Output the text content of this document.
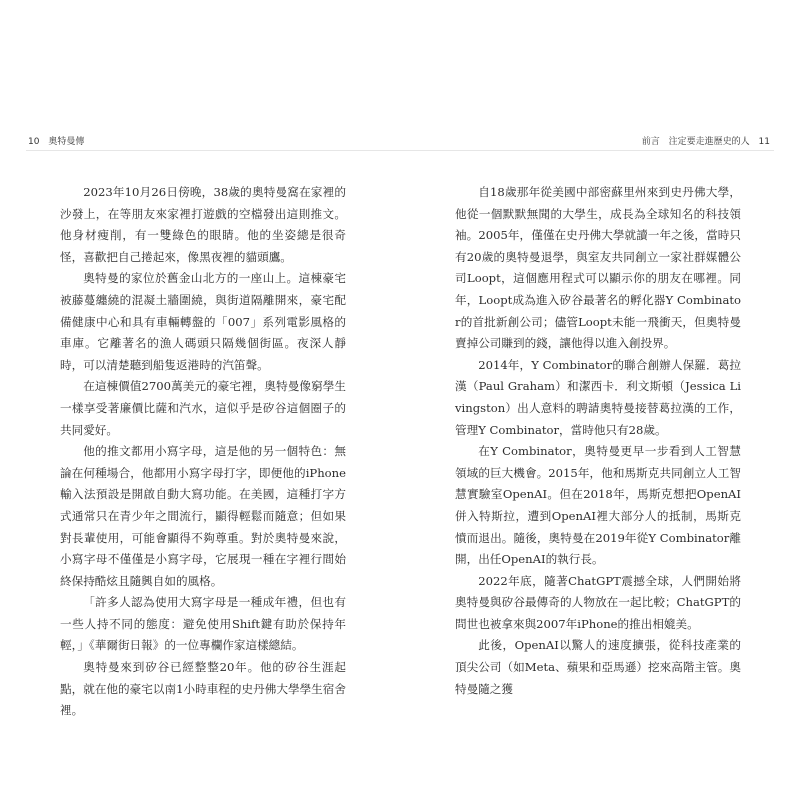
10 奧特曼傳	前言 注定要走進歷史的人 11

2023年10月26日傍晚，38歲的奧特曼窩在家裡的沙發上，在等朋友來家裡打遊戲的空檔發出這則推文。他身材瘦削，有一雙綠色的眼睛。他的坐姿總是很奇怪，喜歡把自己捲起來，像黑夜裡的貓頭鷹。

奧特曼的家位於舊金山北方的一座山上。這棟豪宅被藤蔓纏繞的混凝土牆圍繞，與街道隔離開來，豪宅配備健康中心和具有車輛轉盤的「007」系列電影風格的車庫。它離著名的漁人碼頭只隔幾個街區。夜深人靜時，可以清楚聽到船隻返港時的汽笛聲。

在這棟價值2700萬美元的豪宅裡，奧特曼像窮學生一樣享受著廉價比薩和汽水，這似乎是矽谷這個圈子的共同愛好。

他的推文都用小寫字母，這是他的另一個特色：無論在何種場合，他都用小寫字母打字，即便他的iPhone輸入法預設是開啟自動大寫功能。在美國，這種打字方式通常只在青少年之間流行，顯得輕鬆而隨意；但如果對長輩使用，可能會顯得不夠尊重。對於奧特曼來說，小寫字母不僅僅是小寫字母，它展現一種在字裡行間始終保持酷炫且隨興自如的風格。

「許多人認為使用大寫字母是一種成年禮，但也有一些人持不同的態度：避免使用Shift鍵有助於保持年輕，」《華爾街日報》的一位專欄作家這樣總結。

奧特曼來到矽谷已經整整20年。他的矽谷生涯起點，就在他的豪宅以南1小時車程的史丹佛大學學生宿舍裡。

自18歲那年從美國中部密蘇里州來到史丹佛大學，他從一個默默無聞的大學生，成長為全球知名的科技領袖。2005年，僅僅在史丹佛大學就讀一年之後，當時只有20歲的奧特曼退學，與室友共同創立一家社群媒體公司Loopt，這個應用程式可以顯示你的朋友在哪裡。同年，Loopt成為進入矽谷最著名的孵化器Y Combinator的首批新創公司；儘管Loopt未能一飛衝天，但奧特曼賣掉公司賺到的錢，讓他得以進入創投界。

2014年，Y Combinator的聯合創辦人保羅．葛拉漢（Paul Graham）和潔西卡．利文斯頓（Jessica Livingston）出人意料的聘請奧特曼接替葛拉漢的工作，管理Y Combinator，當時他只有28歲。

在Y Combinator，奧特曼更早一步看到人工智慧領域的巨大機會。2015年，他和馬斯克共同創立人工智慧實驗室OpenAI。但在2018年，馬斯克想把OpenAI併入特斯拉，遭到OpenAI裡大部分人的抵制，馬斯克憤而退出。隨後，奧特曼在2019年從Y Combinator離開，出任OpenAI的執行長。

2022年底，隨著ChatGPT震撼全球，人們開始將奧特曼與矽谷最傳奇的人物放在一起比較；ChatGPT的問世也被拿來與2007年iPhone的推出相媲美。

此後，OpenAI以驚人的速度擴張，從科技產業的頂尖公司（如Meta、蘋果和亞馬遜）挖來高階主管。奧特曼隨之獲
